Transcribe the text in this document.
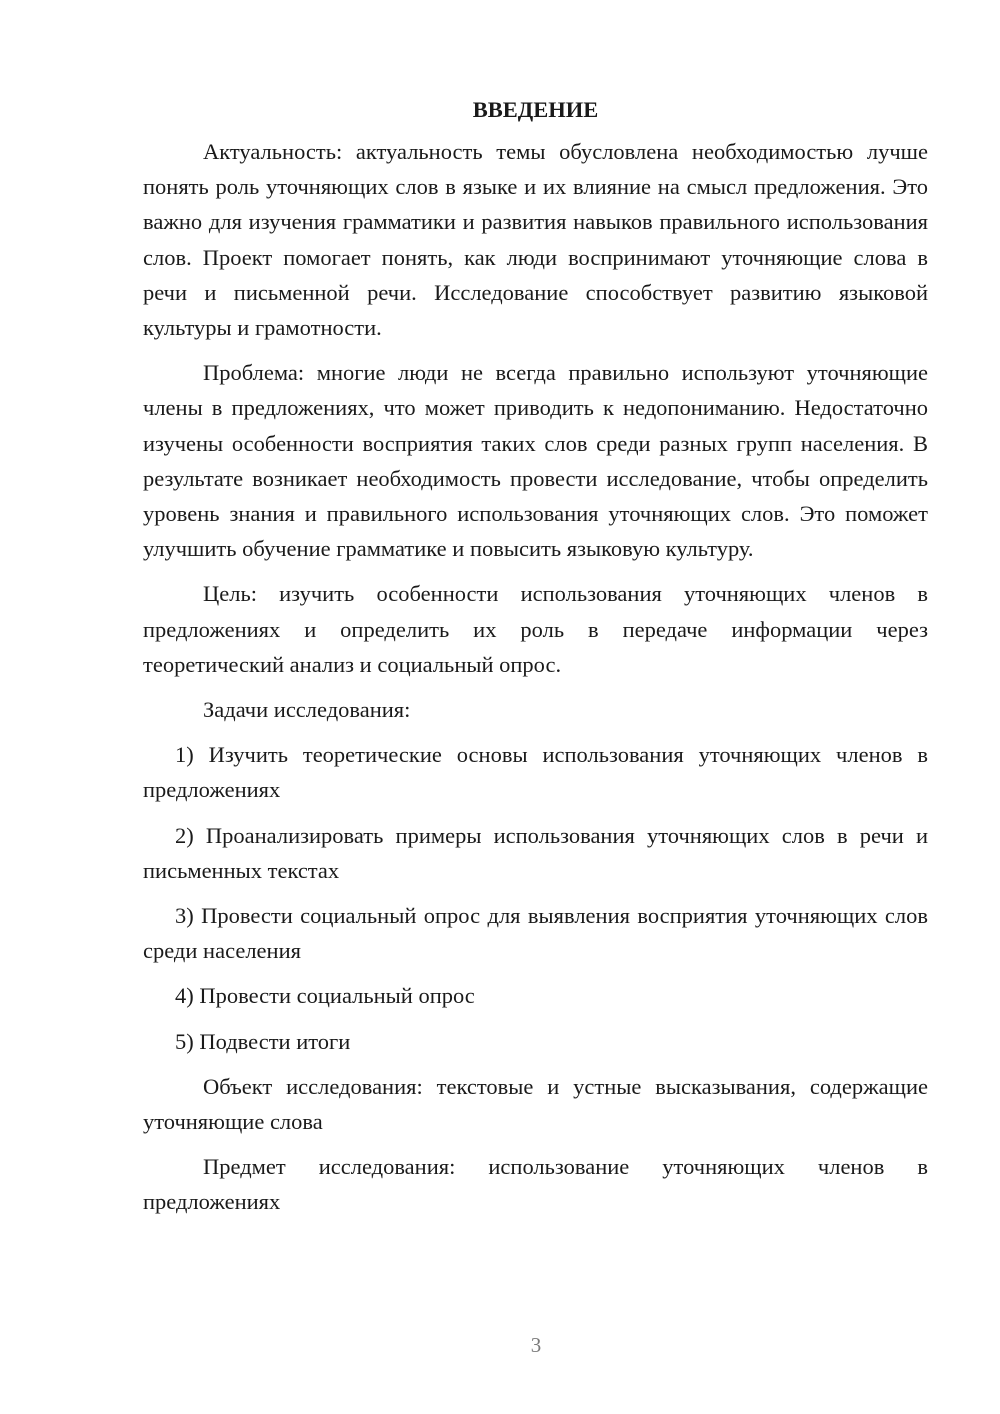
ВВЕДЕНИЕ

Актуальность: актуальность темы обусловлена необходимостью лучше понять роль уточняющих слов в языке и их влияние на смысл предложения. Это важно для изучения грамматики и развития навыков правильного использования слов. Проект помогает понять, как люди воспринимают уточняющие слова в речи и письменной речи. Исследование способствует развитию языковой культуры и грамотности.

Проблема: многие люди не всегда правильно используют уточняющие члены в предложениях, что может приводить к недопониманию. Недостаточно изучены особенности восприятия таких слов среди разных групп населения. В результате возникает необходимость провести исследование, чтобы определить уровень знания и правильного использования уточняющих слов. Это поможет улучшить обучение грамматике и повысить языковую культуру.

Цель: изучить особенности использования уточняющих членов в предложениях и определить их роль в передаче информации через теоретический анализ и социальный опрос.

Задачи исследования:

1) Изучить теоретические основы использования уточняющих членов в предложениях

2) Проанализировать примеры использования уточняющих слов в речи и письменных текстах

3) Провести социальный опрос для выявления восприятия уточняющих слов среди населения

4) Провести социальный опрос

5) Подвести итоги

Объект исследования: текстовые и устные высказывания, содержащие уточняющие слова

Предмет исследования: использование уточняющих членов в предложениях

3
